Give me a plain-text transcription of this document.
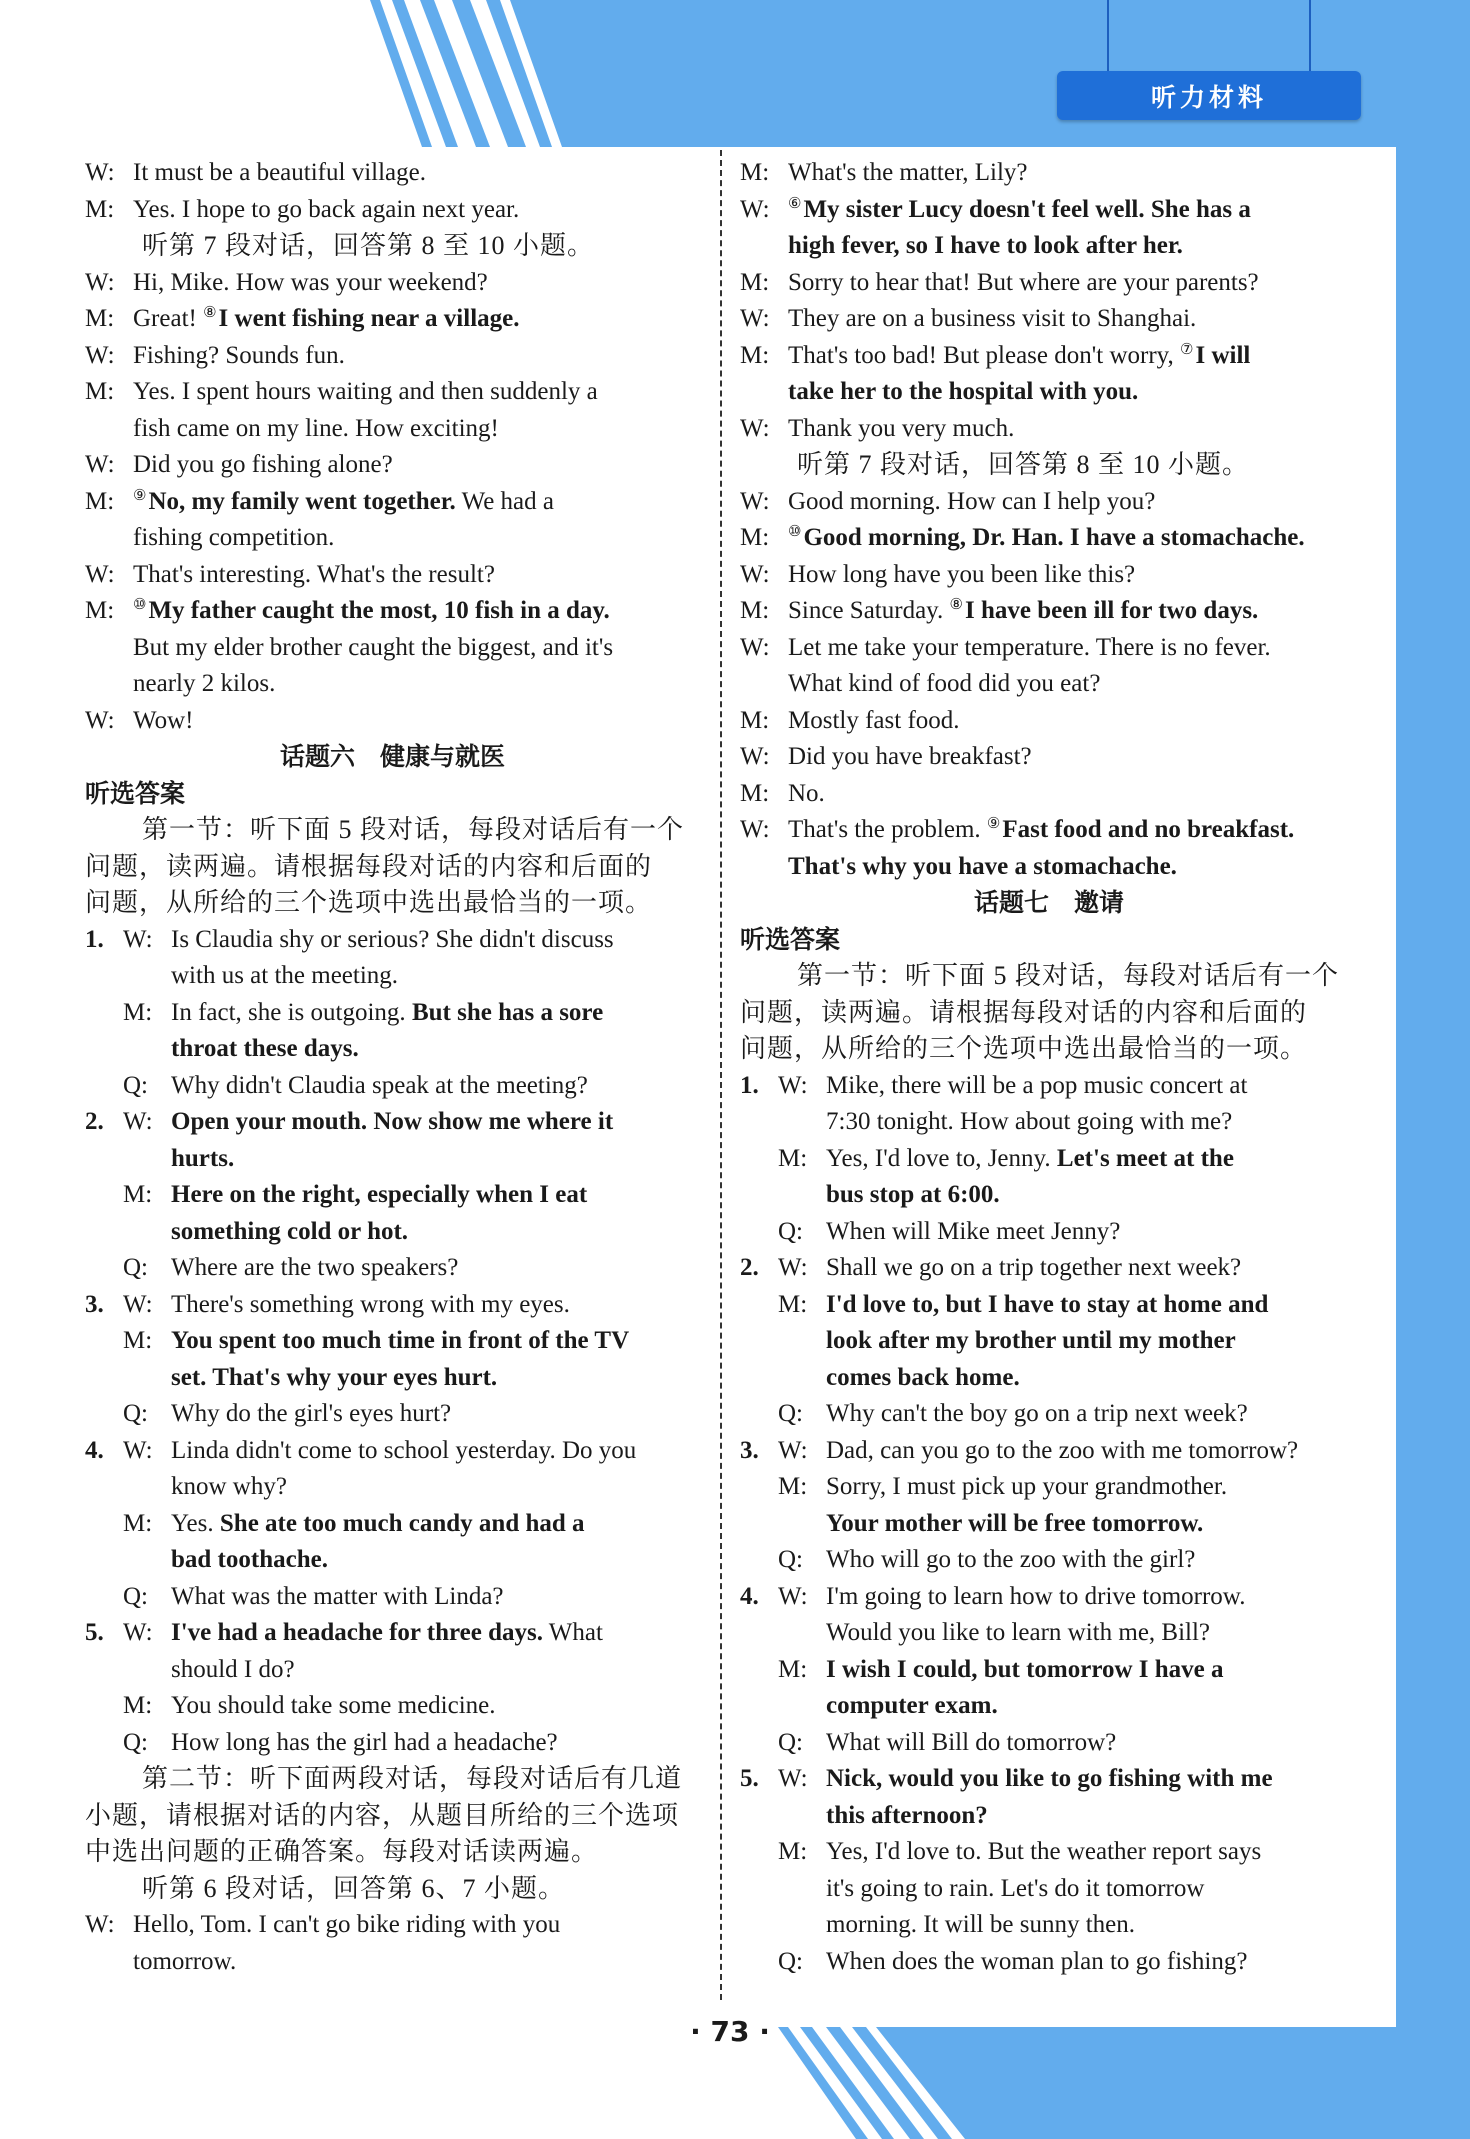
听力材料
W: It must be a beautiful village.
M: Yes. I hope to go back again next year.
听第 7 段对话，回答第 8 至 10 小题。
W: Hi, Mike. How was your weekend?
M: Great! ⑧I went fishing near a village.
W: Fishing? Sounds fun.
M: Yes. I spent hours waiting and then suddenly a
fish came on my line. How exciting!
W: Did you go fishing alone?
M: ⑨No, my family went together. We had a
fishing competition.
W: That's interesting. What's the result?
M: ⑩My father caught the most, 10 fish in a day.
But my elder brother caught the biggest, and it's
nearly 2 kilos.
W: Wow!
话题六　健康与就医
听选答案
第一节：听下面 5 段对话，每段对话后有一个
问题，读两遍。请根据每段对话的内容和后面的
问题，从所给的三个选项中选出最恰当的一项。
1. W: Is Claudia shy or serious? She didn't discuss
with us at the meeting.
M: In fact, she is outgoing. But she has a sore
throat these days.
Q: Why didn't Claudia speak at the meeting?
2. W: Open your mouth. Now show me where it
hurts.
M: Here on the right, especially when I eat
something cold or hot.
Q: Where are the two speakers?
3. W: There's something wrong with my eyes.
M: You spent too much time in front of the TV
set. That's why your eyes hurt.
Q: Why do the girl's eyes hurt?
4. W: Linda didn't come to school yesterday. Do you
know why?
M: Yes. She ate too much candy and had a
bad toothache.
Q: What was the matter with Linda?
5. W: I've had a headache for three days. What
should I do?
M: You should take some medicine.
Q: How long has the girl had a headache?
第二节：听下面两段对话，每段对话后有几道
小题，请根据对话的内容，从题目所给的三个选项
中选出问题的正确答案。每段对话读两遍。
听第 6 段对话，回答第 6、7 小题。
W: Hello, Tom. I can't go bike riding with you
tomorrow.
M: What's the matter, Lily?
W: ⑥My sister Lucy doesn't feel well. She has a
high fever, so I have to look after her.
M: Sorry to hear that! But where are your parents?
W: They are on a business visit to Shanghai.
M: That's too bad! But please don't worry, ⑦I will
take her to the hospital with you.
W: Thank you very much.
听第 7 段对话，回答第 8 至 10 小题。
W: Good morning. How can I help you?
M: ⑩Good morning, Dr. Han. I have a stomachache.
W: How long have you been like this?
M: Since Saturday. ⑧I have been ill for two days.
W: Let me take your temperature. There is no fever.
What kind of food did you eat?
M: Mostly fast food.
W: Did you have breakfast?
M: No.
W: That's the problem. ⑨Fast food and no breakfast.
That's why you have a stomachache.
话题七　邀请
听选答案
第一节：听下面 5 段对话，每段对话后有一个
问题，读两遍。请根据每段对话的内容和后面的
问题，从所给的三个选项中选出最恰当的一项。
1. W: Mike, there will be a pop music concert at
7:30 tonight. How about going with me?
M: Yes, I'd love to, Jenny. Let's meet at the
bus stop at 6:00.
Q: When will Mike meet Jenny?
2. W: Shall we go on a trip together next week?
M: I'd love to, but I have to stay at home and
look after my brother until my mother
comes back home.
Q: Why can't the boy go on a trip next week?
3. W: Dad, can you go to the zoo with me tomorrow?
M: Sorry, I must pick up your grandmother.
Your mother will be free tomorrow.
Q: Who will go to the zoo with the girl?
4. W: I'm going to learn how to drive tomorrow.
Would you like to learn with me, Bill?
M: I wish I could, but tomorrow I have a
computer exam.
Q: What will Bill do tomorrow?
5. W: Nick, would you like to go fishing with me
this afternoon?
M: Yes, I'd love to. But the weather report says
it's going to rain. Let's do it tomorrow
morning. It will be sunny then.
Q: When does the woman plan to go fishing?
· 73 ·
